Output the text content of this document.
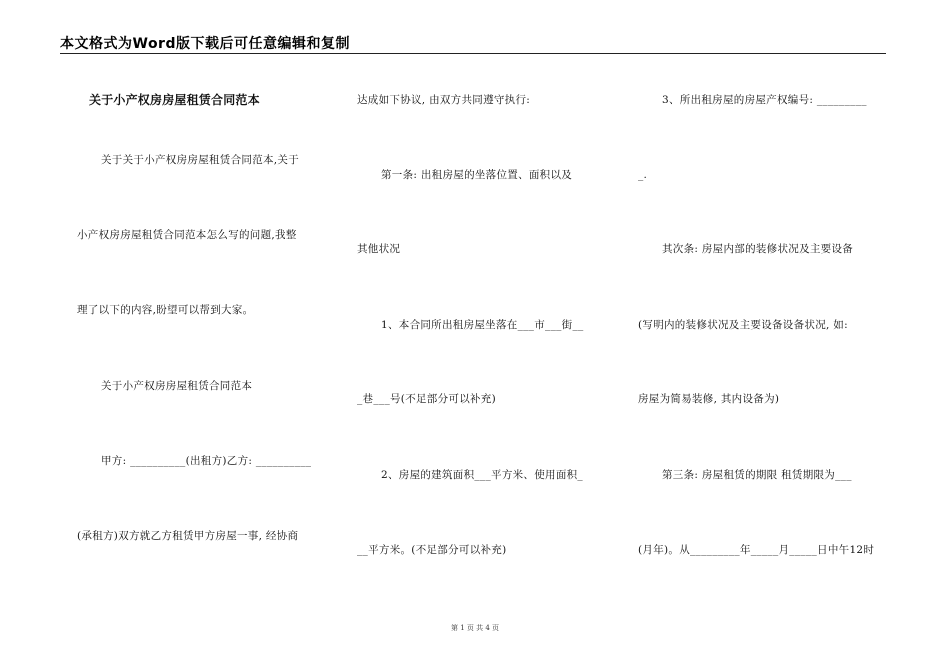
本文格式为Word版下载后可任意编辑和复制
关于小产权房房屋租赁合同范本
关于关于小产权房房屋租赁合同范本,关于
小产权房房屋租赁合同范本怎么写的问题,我整
理了以下的内容,盼望可以帮到大家。
关于小产权房房屋租赁合同范本
甲方: __________(出租方)乙方: __________
(承租方)双方就乙方租赁甲方房屋一事, 经协商
达成如下协议, 由双方共同遵守执行:
第一条: 出租房屋的坐落位置、面积以及
其他状况
1、本合同所出租房屋坐落在___市___街__
_巷___号(不足部分可以补充)
2、房屋的建筑面积___平方米、使用面积_
__平方米。(不足部分可以补充)
3、所出租房屋的房屋产权编号: _________
_.
其次条: 房屋内部的装修状况及主要设备
(写明内的装修状况及主要设备设备状况, 如:
房屋为简易装修, 其内设备为)
第三条: 房屋租赁的期限 租赁期限为___
(月年)。从_________年_____月_____日中午12时
第 1 页 共 4 页
